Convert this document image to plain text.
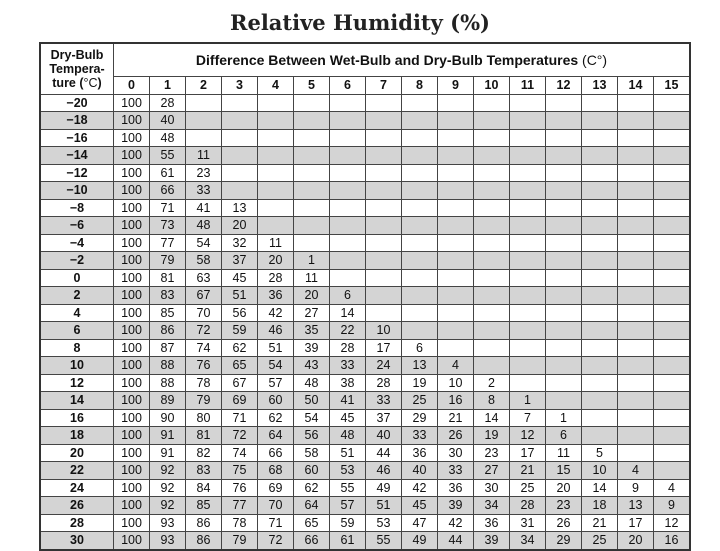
Relative Humidity (%)
Dry-Bulb
Tempera-
ture (°C)	Difference Between Wet-Bulb and Dry-Bulb Temperatures (C°)															
	0	1	2	3	4	5	6	7	8	9	10	11	12	13	14	15
−20	100	28														
−18	100	40														
−16	100	48														
−14	100	55	11													
−12	100	61	23													
−10	100	66	33													
−8	100	71	41	13												
−6	100	73	48	20												
−4	100	77	54	32	11											
−2	100	79	58	37	20	1										
0	100	81	63	45	28	11										
2	100	83	67	51	36	20	6									
4	100	85	70	56	42	27	14									
6	100	86	72	59	46	35	22	10								
8	100	87	74	62	51	39	28	17	6							
10	100	88	76	65	54	43	33	24	13	4						
12	100	88	78	67	57	48	38	28	19	10	2					
14	100	89	79	69	60	50	41	33	25	16	8	1				
16	100	90	80	71	62	54	45	37	29	21	14	7	1			
18	100	91	81	72	64	56	48	40	33	26	19	12	6			
20	100	91	82	74	66	58	51	44	36	30	23	17	11	5		
22	100	92	83	75	68	60	53	46	40	33	27	21	15	10	4	
24	100	92	84	76	69	62	55	49	42	36	30	25	20	14	9	4
26	100	92	85	77	70	64	57	51	45	39	34	28	23	18	13	9
28	100	93	86	78	71	65	59	53	47	42	36	31	26	21	17	12
30	100	93	86	79	72	66	61	55	49	44	39	34	29	25	20	16
